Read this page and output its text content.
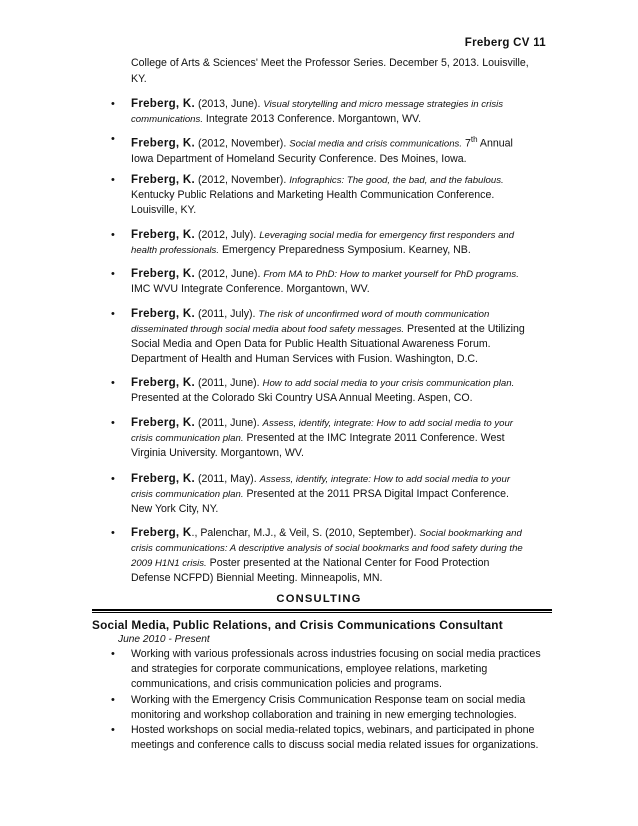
Freberg CV 11
College of Arts & Sciences' Meet the Professor Series. December 5, 2013. Louisville, KY.
• Freberg, K. (2013, June). Visual storytelling and micro message strategies in crisis communications. Integrate 2013 Conference. Morgantown, WV.
• Freberg, K. (2012, November). Social media and crisis communications. 7th Annual Iowa Department of Homeland Security Conference. Des Moines, Iowa.
• Freberg, K. (2012, November). Infographics: The good, the bad, and the fabulous. Kentucky Public Relations and Marketing Health Communication Conference. Louisville, KY.
• Freberg, K. (2012, July). Leveraging social media for emergency first responders and health professionals. Emergency Preparedness Symposium. Kearney, NB.
• Freberg, K. (2012, June). From MA to PhD: How to market yourself for PhD programs. IMC WVU Integrate Conference. Morgantown, WV.
• Freberg, K. (2011, July). The risk of unconfirmed word of mouth communication disseminated through social media about food safety messages. Presented at the Utilizing Social Media and Open Data for Public Health Situational Awareness Forum. Department of Health and Human Services with Fusion. Washington, D.C.
• Freberg, K. (2011, June). How to add social media to your crisis communication plan. Presented at the Colorado Ski Country USA Annual Meeting. Aspen, CO.
• Freberg, K. (2011, June). Assess, identify, integrate: How to add social media to your crisis communication plan. Presented at the IMC Integrate 2011 Conference. West Virginia University. Morgantown, WV.
• Freberg, K. (2011, May). Assess, identify, integrate: How to add social media to your crisis communication plan. Presented at the 2011 PRSA Digital Impact Conference. New York City, NY.
• Freberg, K., Palenchar, M.J., & Veil, S. (2010, September). Social bookmarking and crisis communications: A descriptive analysis of social bookmarks and food safety during the 2009 H1N1 crisis. Poster presented at the National Center for Food Protection Defense NCFPD) Biennial Meeting. Minneapolis, MN.
CONSULTING
Social Media, Public Relations, and Crisis Communications Consultant
June 2010 - Present
• Working with various professionals across industries focusing on social media practices and strategies for corporate communications, employee relations, marketing communications, and crisis communication policies and programs.
• Working with the Emergency Crisis Communication Response team on social media monitoring and workshop collaboration and training in new emerging technologies.
• Hosted workshops on social media-related topics, webinars, and participated in phone meetings and conference calls to discuss social media related issues for organizations.
